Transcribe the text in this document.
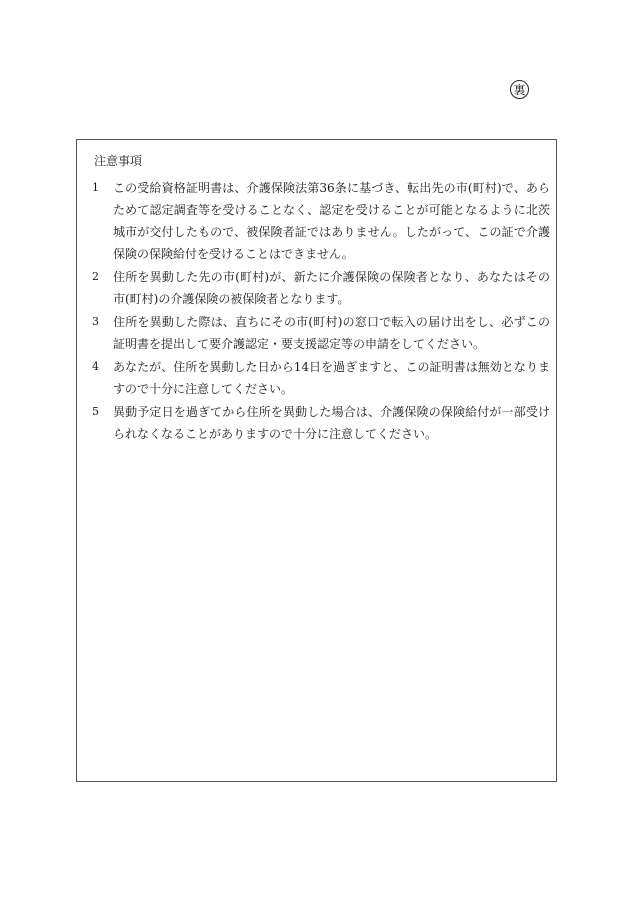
裏
注意事項
1 この受給資格証明書は、介護保険法第36条に基づき、転出先の市(町村)で、あらためて認定調査等を受けることなく、認定を受けることが可能となるように北茨城市が交付したもので、被保険者証ではありません。したがって、この証で介護保険の保険給付を受けることはできません。
2 住所を異動した先の市(町村)が、新たに介護保険の保険者となり、あなたはその市(町村)の介護保険の被保険者となります。
3 住所を異動した際は、直ちにその市(町村)の窓口で転入の届け出をし、必ずこの証明書を提出して要介護認定・要支援認定等の申請をしてください。
4 あなたが、住所を異動した日から14日を過ぎますと、この証明書は無効となりますので十分に注意してください。
5 異動予定日を過ぎてから住所を異動した場合は、介護保険の保険給付が一部受けられなくなることがありますので十分に注意してください。
